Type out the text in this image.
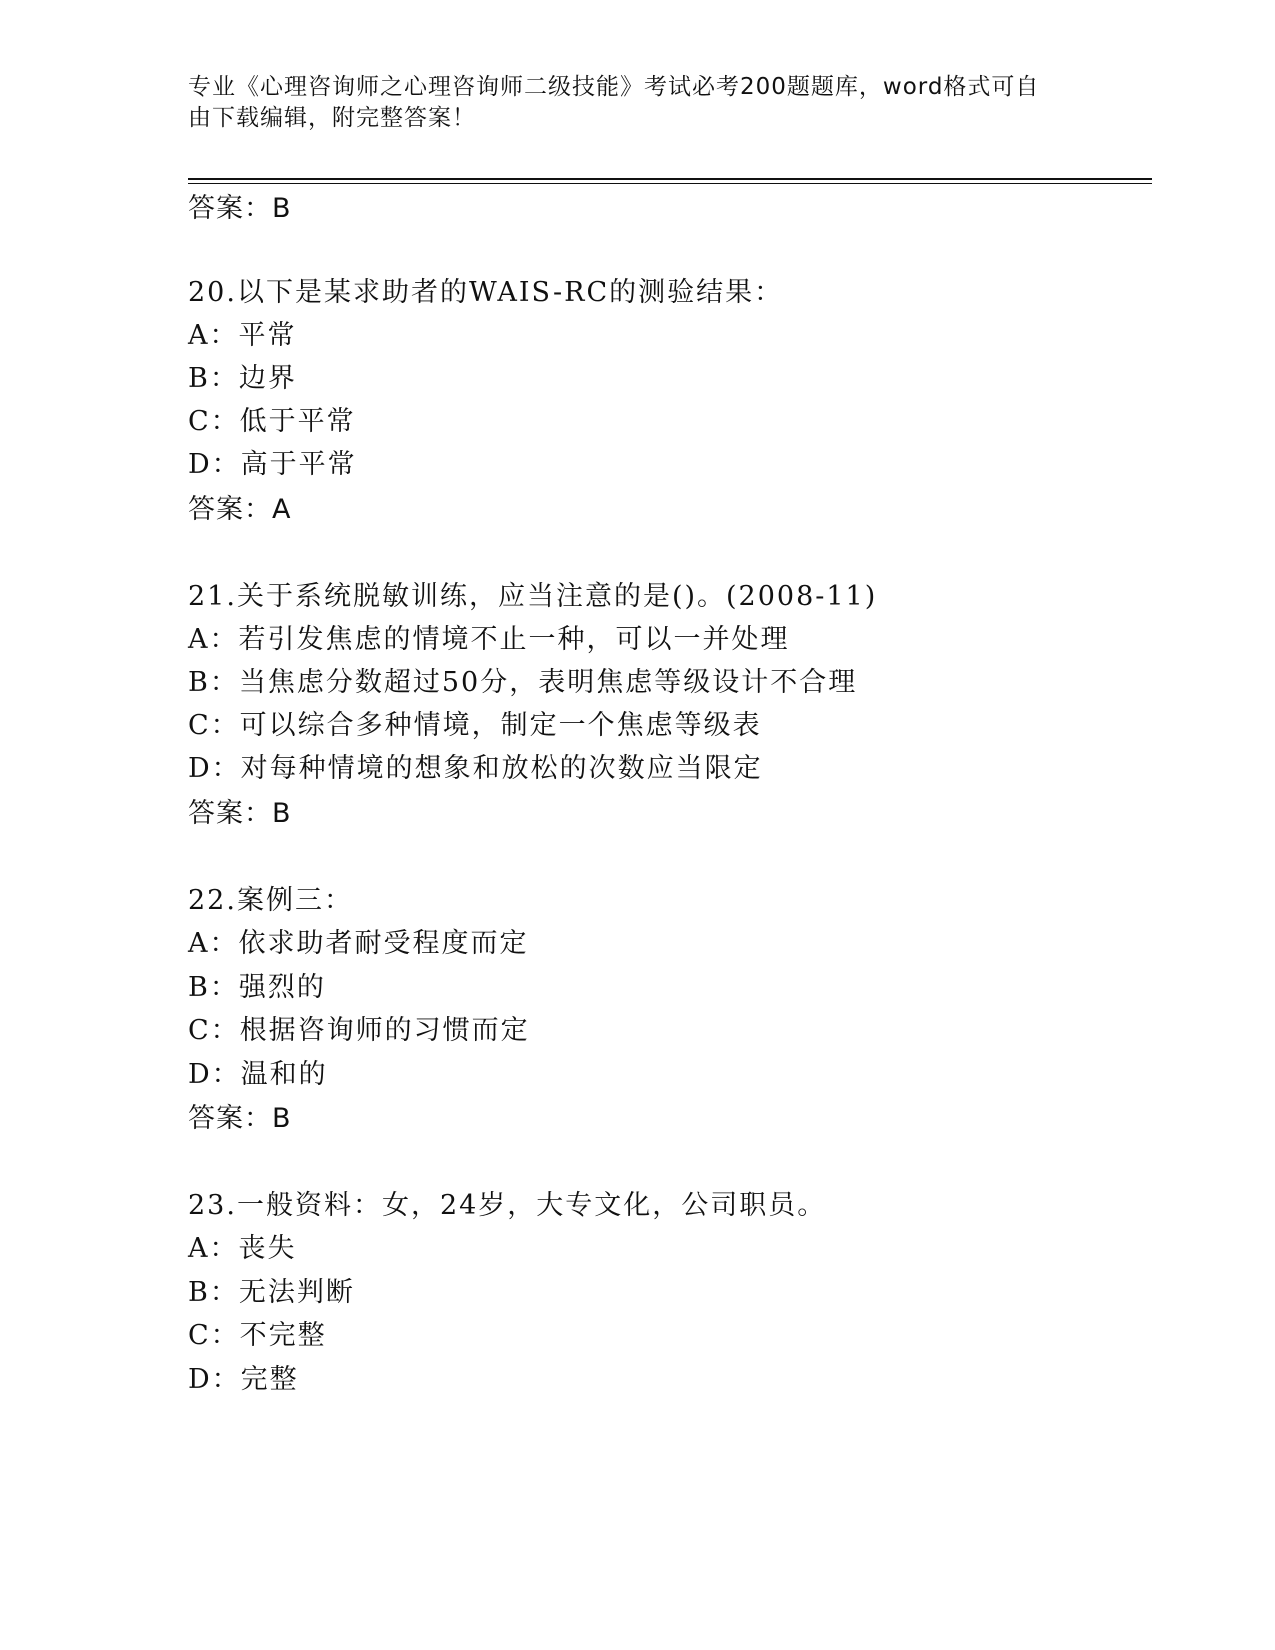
专业《心理咨询师之心理咨询师二级技能》考试必考200题题库，word格式可自
由下载编辑，附完整答案！
答案：B
20.以下是某求助者的WAIS-RC的测验结果：
A：平常
B：边界
C：低于平常
D：高于平常
答案：A
21.关于系统脱敏训练，应当注意的是()。(2008-11)
A：若引发焦虑的情境不止一种，可以一并处理
B：当焦虑分数超过50分，表明焦虑等级设计不合理
C：可以综合多种情境，制定一个焦虑等级表
D：对每种情境的想象和放松的次数应当限定
答案：B
22.案例三：
A：依求助者耐受程度而定
B：强烈的
C：根据咨询师的习惯而定
D：温和的
答案：B
23.一般资料：女，24岁，大专文化，公司职员。
A：丧失
B：无法判断
C：不完整
D：完整
